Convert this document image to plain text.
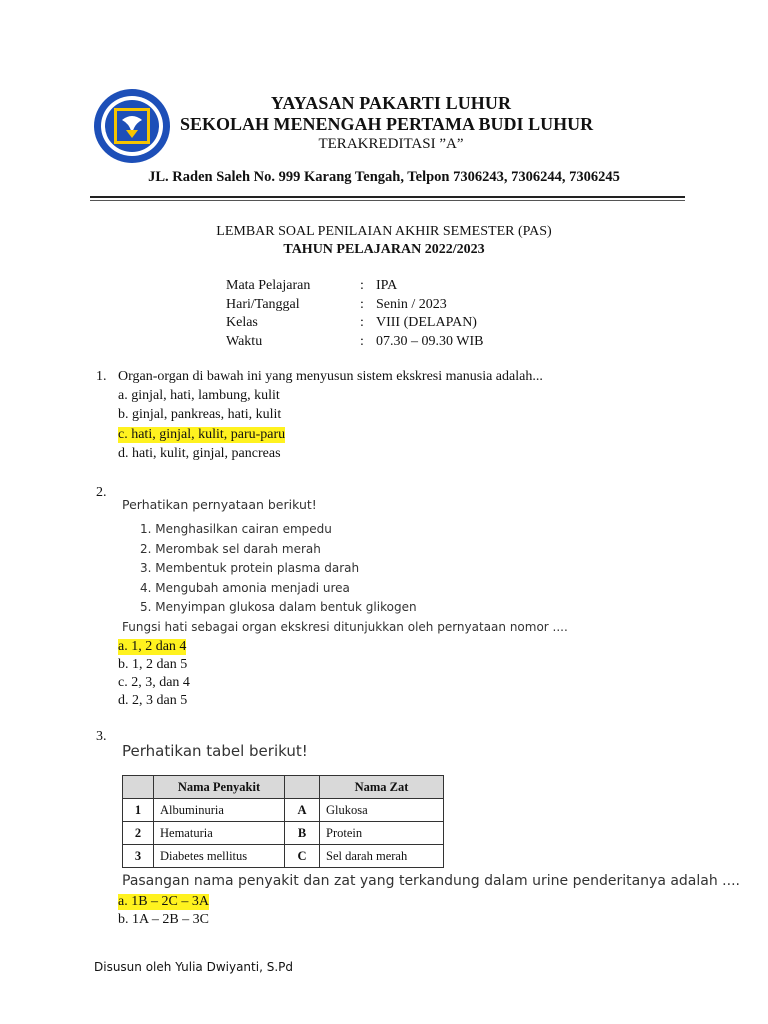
YAYASAN PAKARTI LUHUR
SEKOLAH MENENGAH PERTAMA BUDI LUHUR
TERAKREDITASI ”A”
JL. Raden Saleh No. 999 Karang Tengah, Telpon 7306243, 7306244, 7306245
LEMBAR SOAL PENILAIAN AKHIR SEMESTER (PAS)
TAHUN PELAJARAN 2022/2023
Mata Pelajaran	: IPA
Hari/Tanggal	: Senin / 2023
Kelas	: VIII (DELAPAN)
Waktu	: 07.30 – 09.30 WIB
1. Organ-organ di bawah ini yang menyusun sistem ekskresi manusia adalah...
a. ginjal, hati, lambung, kulit
b. ginjal, pankreas, hati, kulit
c. hati, ginjal, kulit, paru-paru
d. hati, kulit, ginjal, pancreas
2.
Perhatikan pernyataan berikut!
1. Menghasilkan cairan empedu
2. Merombak sel darah merah
3. Membentuk protein plasma darah
4. Mengubah amonia menjadi urea
5. Menyimpan glukosa dalam bentuk glikogen
Fungsi hati sebagai organ ekskresi ditunjukkan oleh pernyataan nomor ....
a. 1, 2 dan 4
b. 1, 2 dan 5
c. 2, 3, dan 4
d. 2, 3 dan 5
3.
Perhatikan tabel berikut!
	Nama Penyakit		Nama Zat
1	Albuminuria	A	Glukosa
2	Hematuria	B	Protein
3	Diabetes mellitus	C	Sel darah merah
Pasangan nama penyakit dan zat yang terkandung dalam urine penderitanya adalah ....
a. 1B – 2C – 3A
b. 1A – 2B – 3C
Disusun oleh Yulia Dwiyanti, S.Pd
